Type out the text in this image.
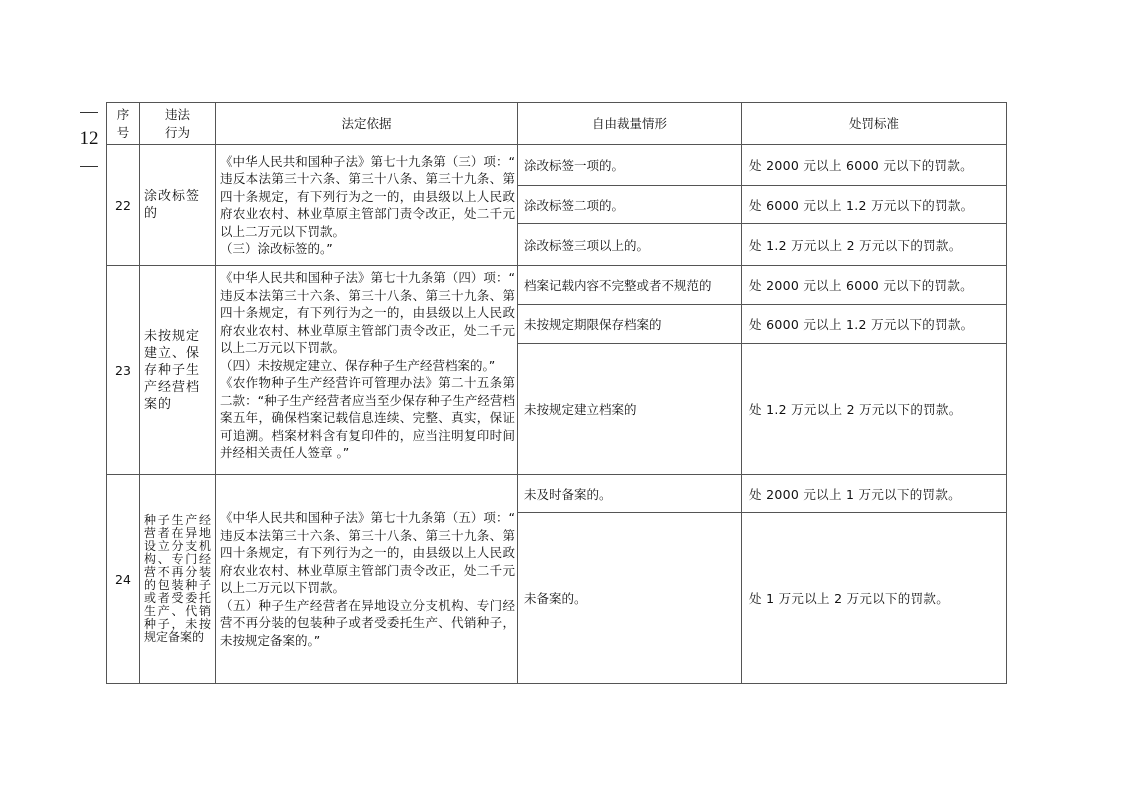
12
序号	违法行为	法定依据	自由裁量情形	处罚标准
22	涂改标签的	《中华人民共和国种子法》第七十九条第（三）项：“ 违反本法第三十六条、第三十八条、第三十九条、第四十条规定，有下列行为之一的，由县级以上人民政府农业农村、林业草原主管部门责令改正，处二千元以上二万元以下罚款。
（三）涂改标签的。”	涂改标签一项的。	处 2000 元以上 6000 元以下的罚款。
			涂改标签二项的。	处 6000 元以上 1.2 万元以下的罚款。
			涂改标签三项以上的。	处 1.2 万元以上 2 万元以下的罚款。
23	未按规定建立、保存种子生产经营档案的	《中华人民共和国种子法》第七十九条第（四）项：“ 违反本法第三十六条、第三十八条、第三十九条、第四十条规定，有下列行为之一的，由县级以上人民政府农业农村、林业草原主管部门责令改正，处二千元以上二万元以下罚款。
（四）未按规定建立、保存种子生产经营档案的。”
《农作物种子生产经营许可管理办法》第二十五条第二款：“种子生产经营者应当至少保存种子生产经营档案五年，确保档案记载信息连续、完整、真实，保证可追溯。档案材料含有复印件的，应当注明复印时间并经相关责任人签章 。”	档案记载内容不完整或者不规范的	处 2000 元以上 6000 元以下的罚款。
			未按规定期限保存档案的	处 6000 元以上 1.2 万元以下的罚款。
			未按规定建立档案的	处 1.2 万元以上 2 万元以下的罚款。
24	种子生产经营者在异地设立分支机构、专门经营不再分装的包装种子或者受委托生产、代销种子，未按规定备案的	《中华人民共和国种子法》第七十九条第（五）项：“ 违反本法第三十六条、第三十八条、第三十九条、第四十条规定，有下列行为之一的，由县级以上人民政府农业农村、林业草原主管部门责令改正，处二千元以上二万元以下罚款。
（五）种子生产经营者在异地设立分支机构、专门经营不再分装的包装种子或者受委托生产、代销种子，未按规定备案的。”	未及时备案的。	处 2000 元以上 1 万元以下的罚款。
			未备案的。	处 1 万元以上 2 万元以下的罚款。
